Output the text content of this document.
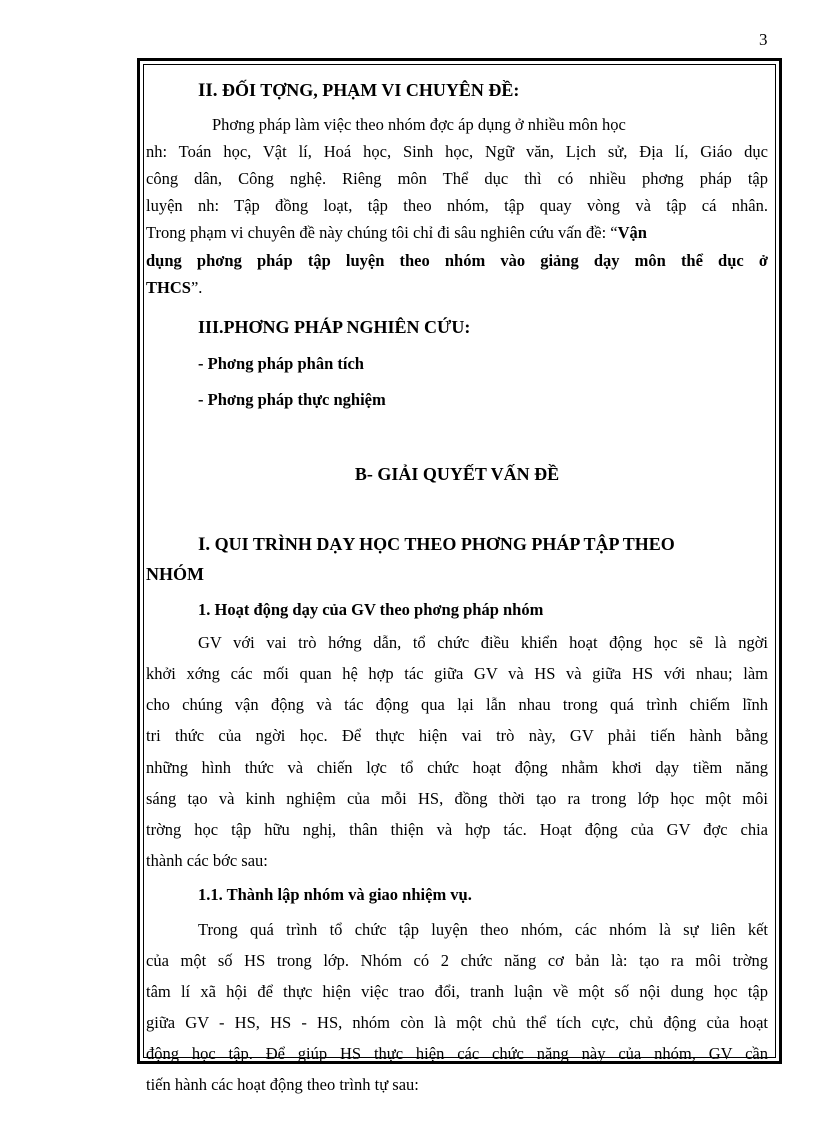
3
II. ĐỐI TỢNG, PHẠM VI CHUYÊN ĐỀ:
Phơng pháp làm việc theo nhóm đợc áp dụng ở nhiều môn học
nh: Toán học, Vật lí, Hoá học, Sinh học, Ngữ văn, Lịch sử, Địa lí, Giáo dục
công dân, Công nghệ. Riêng môn Thể dục thì có nhiều phơng pháp tập
luyện nh: Tập đồng loạt, tập theo nhóm, tập quay vòng và tập cá nhân.
Trong phạm vi chuyên đề này chúng tôi chỉ đi sâu nghiên cứu vấn đề: “Vận
dụng phơng pháp tập luyện theo nhóm vào giảng dạy môn thể dục ở
THCS”.
III.PHƠNG PHÁP NGHIÊN CỨU:
- Phơng pháp phân tích
- Phơng pháp thực nghiệm
B- GIẢI QUYẾT VẤN ĐỀ
I. QUI TRÌNH DẠY HỌC THEO PHƠNG PHÁP TẬP THEO
NHÓM
1. Hoạt động dạy của GV theo phơng pháp nhóm
GV với vai trò hớng dẫn, tổ chức điều khiển hoạt động học sẽ là ngời
khởi xớng các mối quan hệ hợp tác giữa GV và HS và giữa HS với nhau; làm
cho chúng vận động và tác động qua lại lẫn nhau trong quá trình chiếm lĩnh
tri thức của ngời học. Để thực hiện vai trò này, GV phải tiến hành bằng
những hình thức và chiến lợc tổ chức hoạt động nhằm khơi dạy tiềm năng
sáng tạo và kinh nghiệm của mỗi HS, đồng thời tạo ra trong lớp học một môi
trờng học tập hữu nghị, thân thiện và hợp tác. Hoạt động của GV đợc chia
thành các bớc sau:
1.1. Thành lập nhóm và giao nhiệm vụ.
Trong quá trình tổ chức tập luyện theo nhóm, các nhóm là sự liên kết
của một số HS trong lớp. Nhóm có 2 chức năng cơ bản là: tạo ra môi trờng
tâm lí xã hội để thực hiện việc trao đổi, tranh luận về một số nội dung học tập
giữa GV - HS, HS - HS, nhóm còn là một chủ thể tích cực, chủ động của hoạt
động học tập. Để giúp HS thực hiện các chức năng này của nhóm, GV cần
tiến hành các hoạt động theo trình tự sau:
